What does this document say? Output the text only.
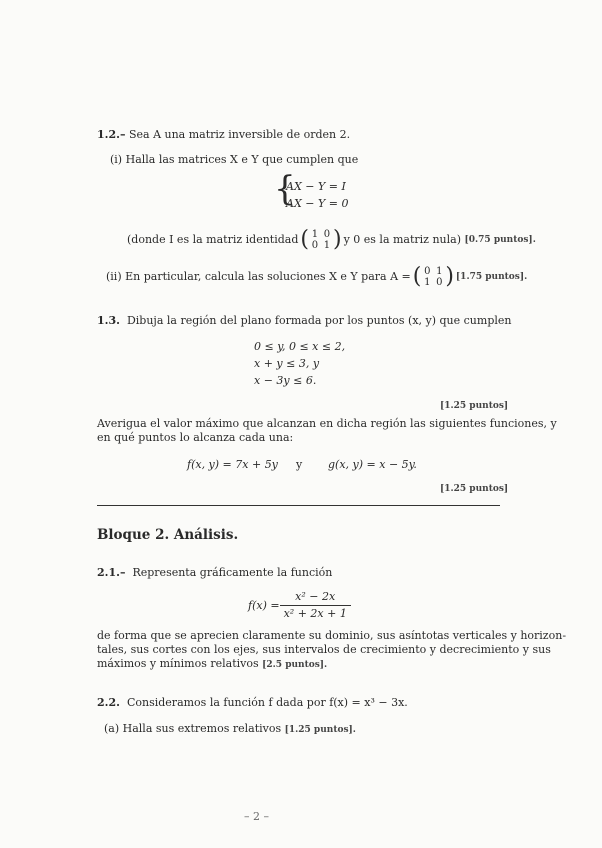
1.2.– Sea A una matriz inversible de orden 2.
(i) Halla las matrices X e Y que cumplen que
{
AX − Y = I
AX − Y = 0
(donde I es la matriz identidad ( 1 0
0 1 ) y 0 es la matriz nula)
[0.75 puntos].
(ii) En particular, calcula las soluciones X e Y para A = ( 0 1
1 0 ) [1.75 puntos].
1.3. Dibuja la región del plano formada por los puntos (x, y) que cumplen
0 ≤ y, 0 ≤ x ≤ 2,
x + y ≤ 3, y
x − 3y ≤ 6.
[1.25 puntos]
Averigua el valor máximo que alcanzan en dicha región las siguientes funciones, y
en qué puntos lo alcanza cada una:
f(x, y) = 7x + 5y y g(x, y) = x − 5y.
[1.25 puntos]
Bloque 2. Análisis.
2.1.– Representa gráficamente la función
$f(x) = \frac{\text{x² − 2x}}{\text{x² + 2x + 1}}$
de forma que se aprecien claramente su dominio, sus asíntotas verticales y horizon-
tales, sus cortes con los ejes, sus intervalos de crecimiento y decrecimiento y sus
máximos y mínimos relativos [2.5 puntos].
2.2. Consideramos la función f dada por f(x) = x³ − 3x.
(a) Halla sus extremos relativos [1.25 puntos].
– 2 –
